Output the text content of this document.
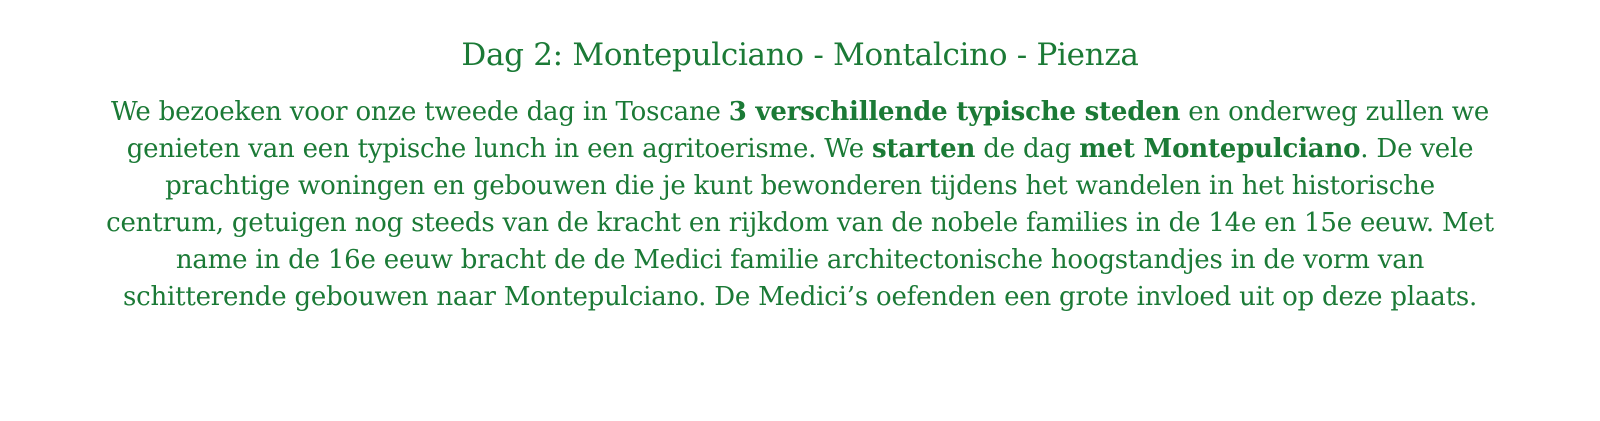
Dag 2: Montepulciano - Montalcino - Pienza

We bezoeken voor onze tweede dag in Toscane 3 verschillende typische steden en onderweg zullen we
genieten van een typische lunch in een agritoerisme. We starten de dag met Montepulciano. De vele
prachtige woningen en gebouwen die je kunt bewonderen tijdens het wandelen in het historische
centrum, getuigen nog steeds van de kracht en rijkdom van de nobele families in de 14e en 15e eeuw. Met
name in de 16e eeuw bracht de de Medici familie architectonische hoogstandjes in de vorm van
schitterende gebouwen naar Montepulciano. De Medici’s oefenden een grote invloed uit op deze plaats.
